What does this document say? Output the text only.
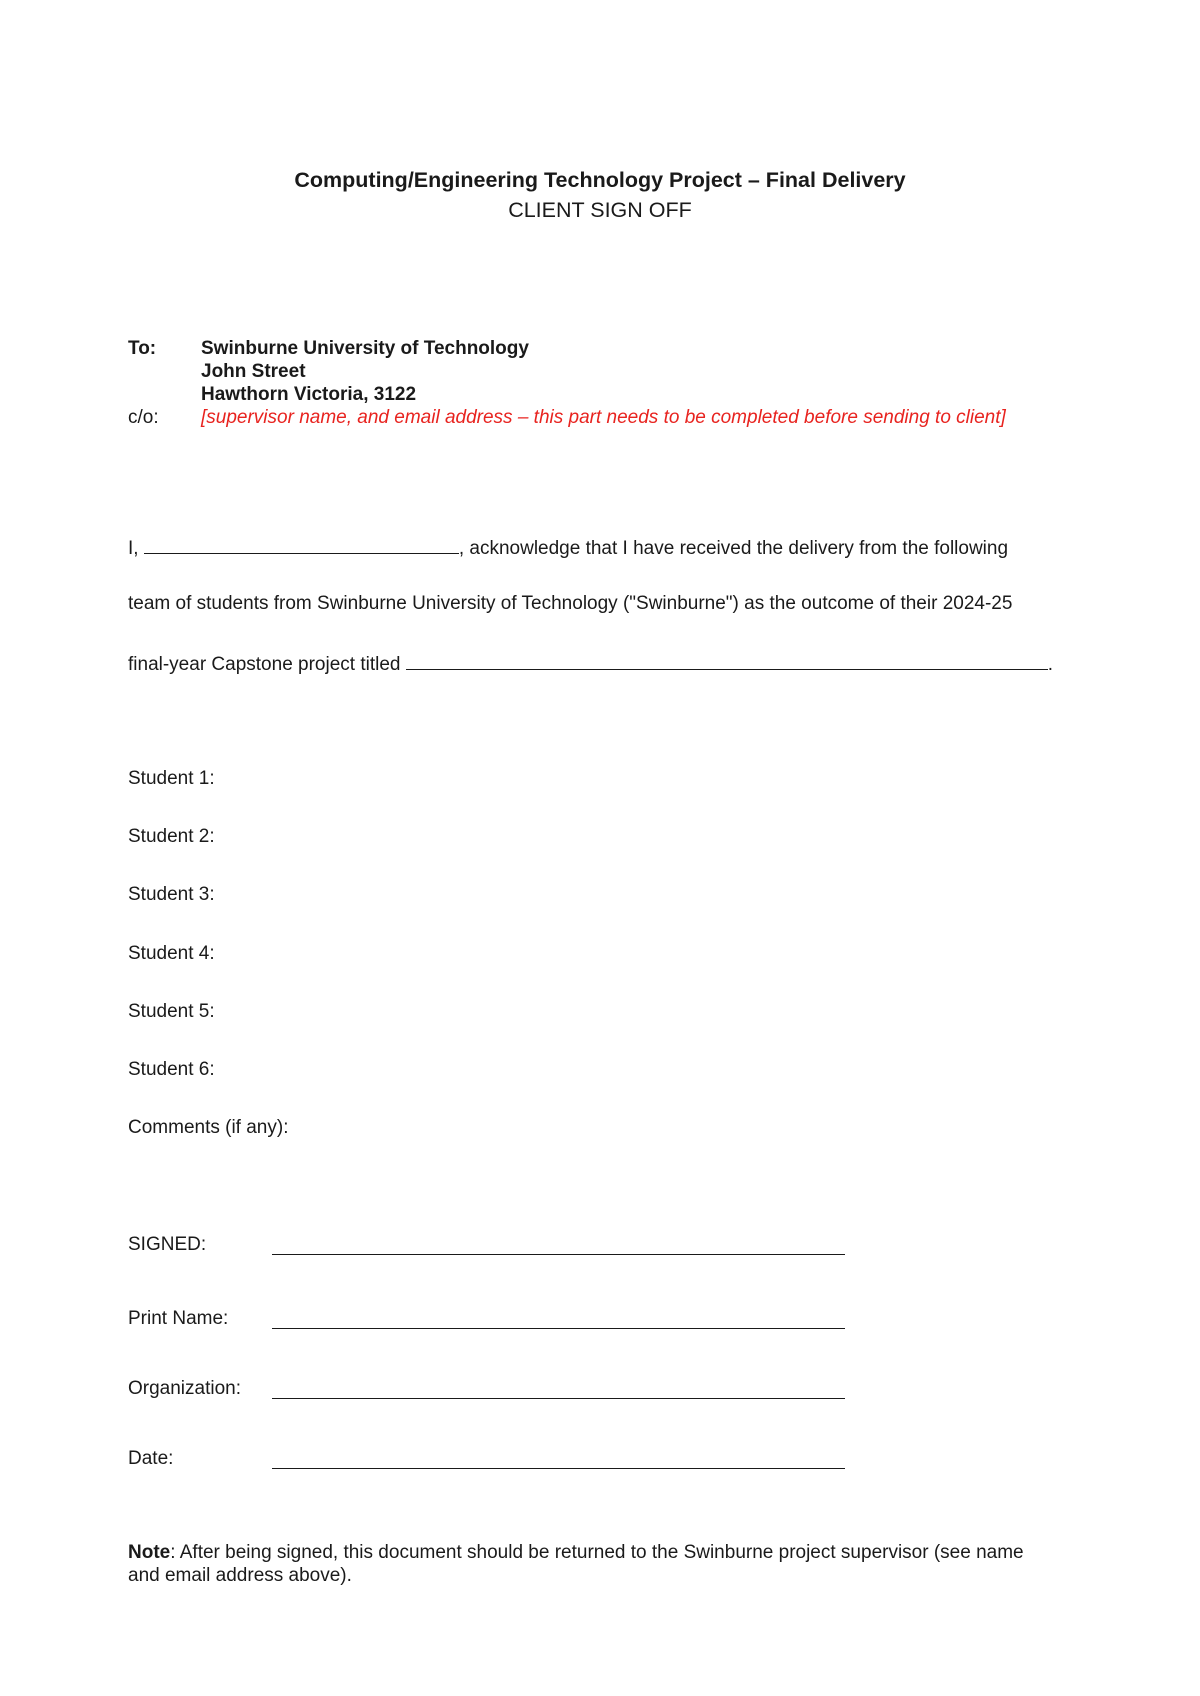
Computing/Engineering Technology Project – Final Delivery
CLIENT SIGN OFF
To: Swinburne University of Technology
John Street
Hawthorn Victoria, 3122
c/o: [supervisor name, and email address – this part needs to be completed before sending to client]
I,	, acknowledge that I have received the delivery from the following
team of students from Swinburne University of Technology ("Swinburne") as the outcome of their 2024-25
final-year Capstone project titled	.
Student 1:
Student 2:
Student 3:
Student 4:
Student 5:
Student 6:
Comments (if any):
SIGNED:
Print Name:
Organization:
Date:
Note: After being signed, this document should be returned to the Swinburne project supervisor (see name
and email address above).
